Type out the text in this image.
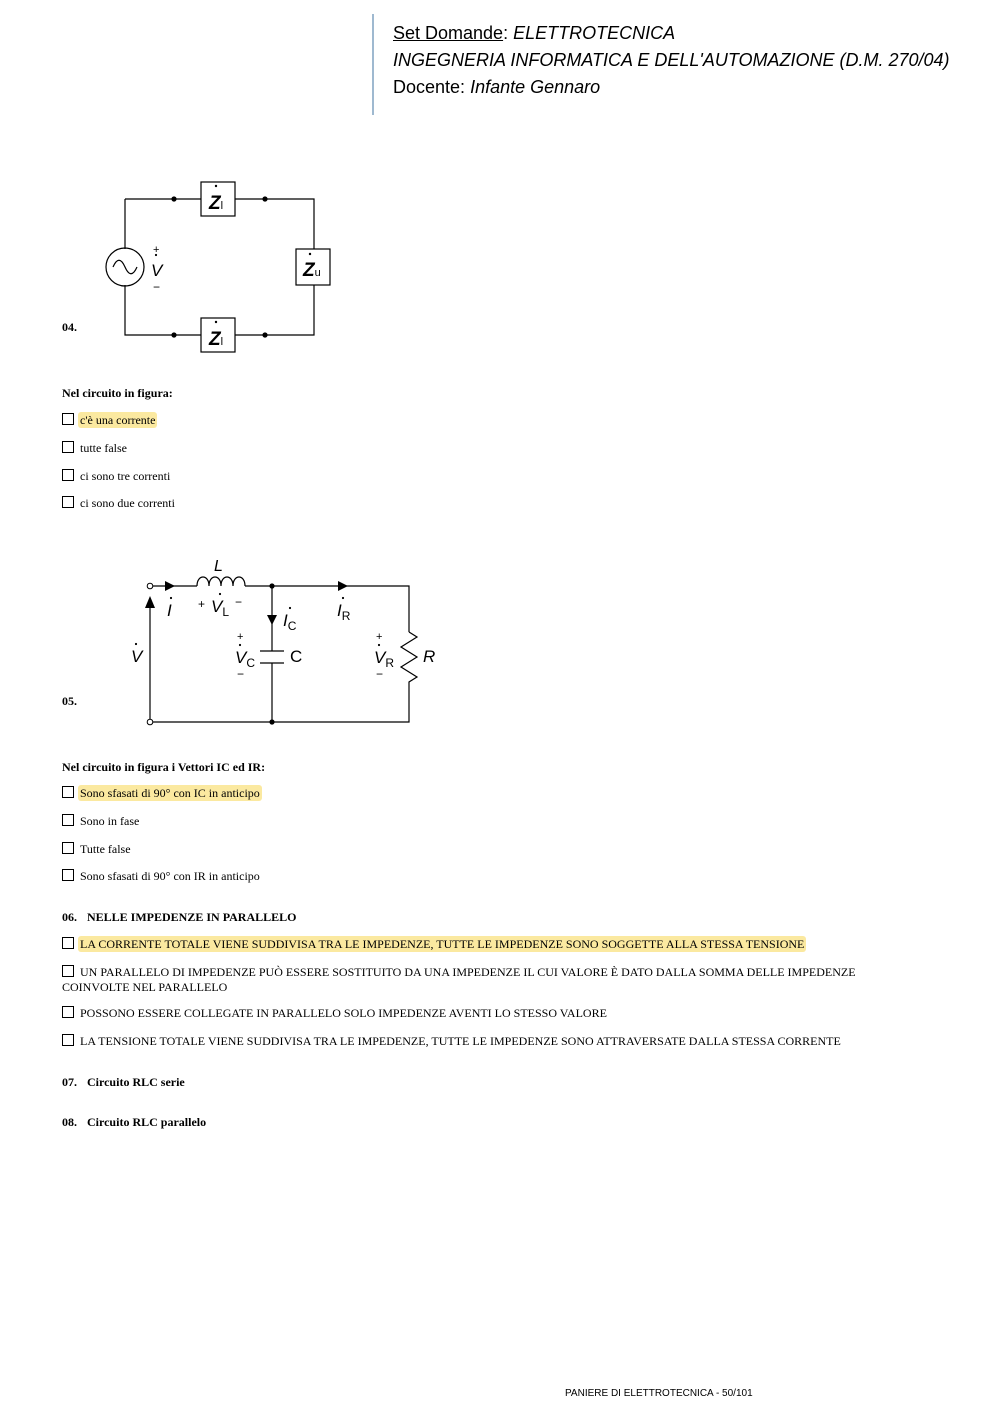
Set Domande: ELETTROTECNICA
INGEGNERIA INFORMATICA E DELL'AUTOMAZIONE (D.M. 270/04)
Docente: Infante Gennaro
Zl
Zu
Zl
+
V
−
04.
Nel circuito in figura:
c'è una corrente
tutte false
ci sono tre correnti
ci sono due correnti
L
$I + V_L$
−
$I_C$
$I_R$
V
+
$V_C$
−
C
+
$V_R$
−
R
05.
Nel circuito in figura i Vettori IC ed IR:
Sono sfasati di 90° con IC in anticipo
Sono in fase
Tutte false
Sono sfasati di 90° con IR in anticipo
06. NELLE IMPEDENZE IN PARALLELO
LA CORRENTE TOTALE VIENE SUDDIVISA TRA LE IMPEDENZE, TUTTE LE IMPEDENZE SONO SOGGETTE ALLA STESSA TENSIONE
UN PARALLELO DI IMPEDENZE PUÒ ESSERE SOSTITUITO DA UNA IMPEDENZE IL CUI VALORE È DATO DALLA SOMMA DELLE IMPEDENZE COINVOLTE NEL PARALLELO
POSSONO ESSERE COLLEGATE IN PARALLELO SOLO IMPEDENZE AVENTI LO STESSO VALORE
LA TENSIONE TOTALE VIENE SUDDIVISA TRA LE IMPEDENZE, TUTTE LE IMPEDENZE SONO ATTRAVERSATE DALLA STESSA CORRENTE
07. Circuito RLC serie
08. Circuito RLC parallelo
PANIERE DI ELETTROTECNICA - 50/101
